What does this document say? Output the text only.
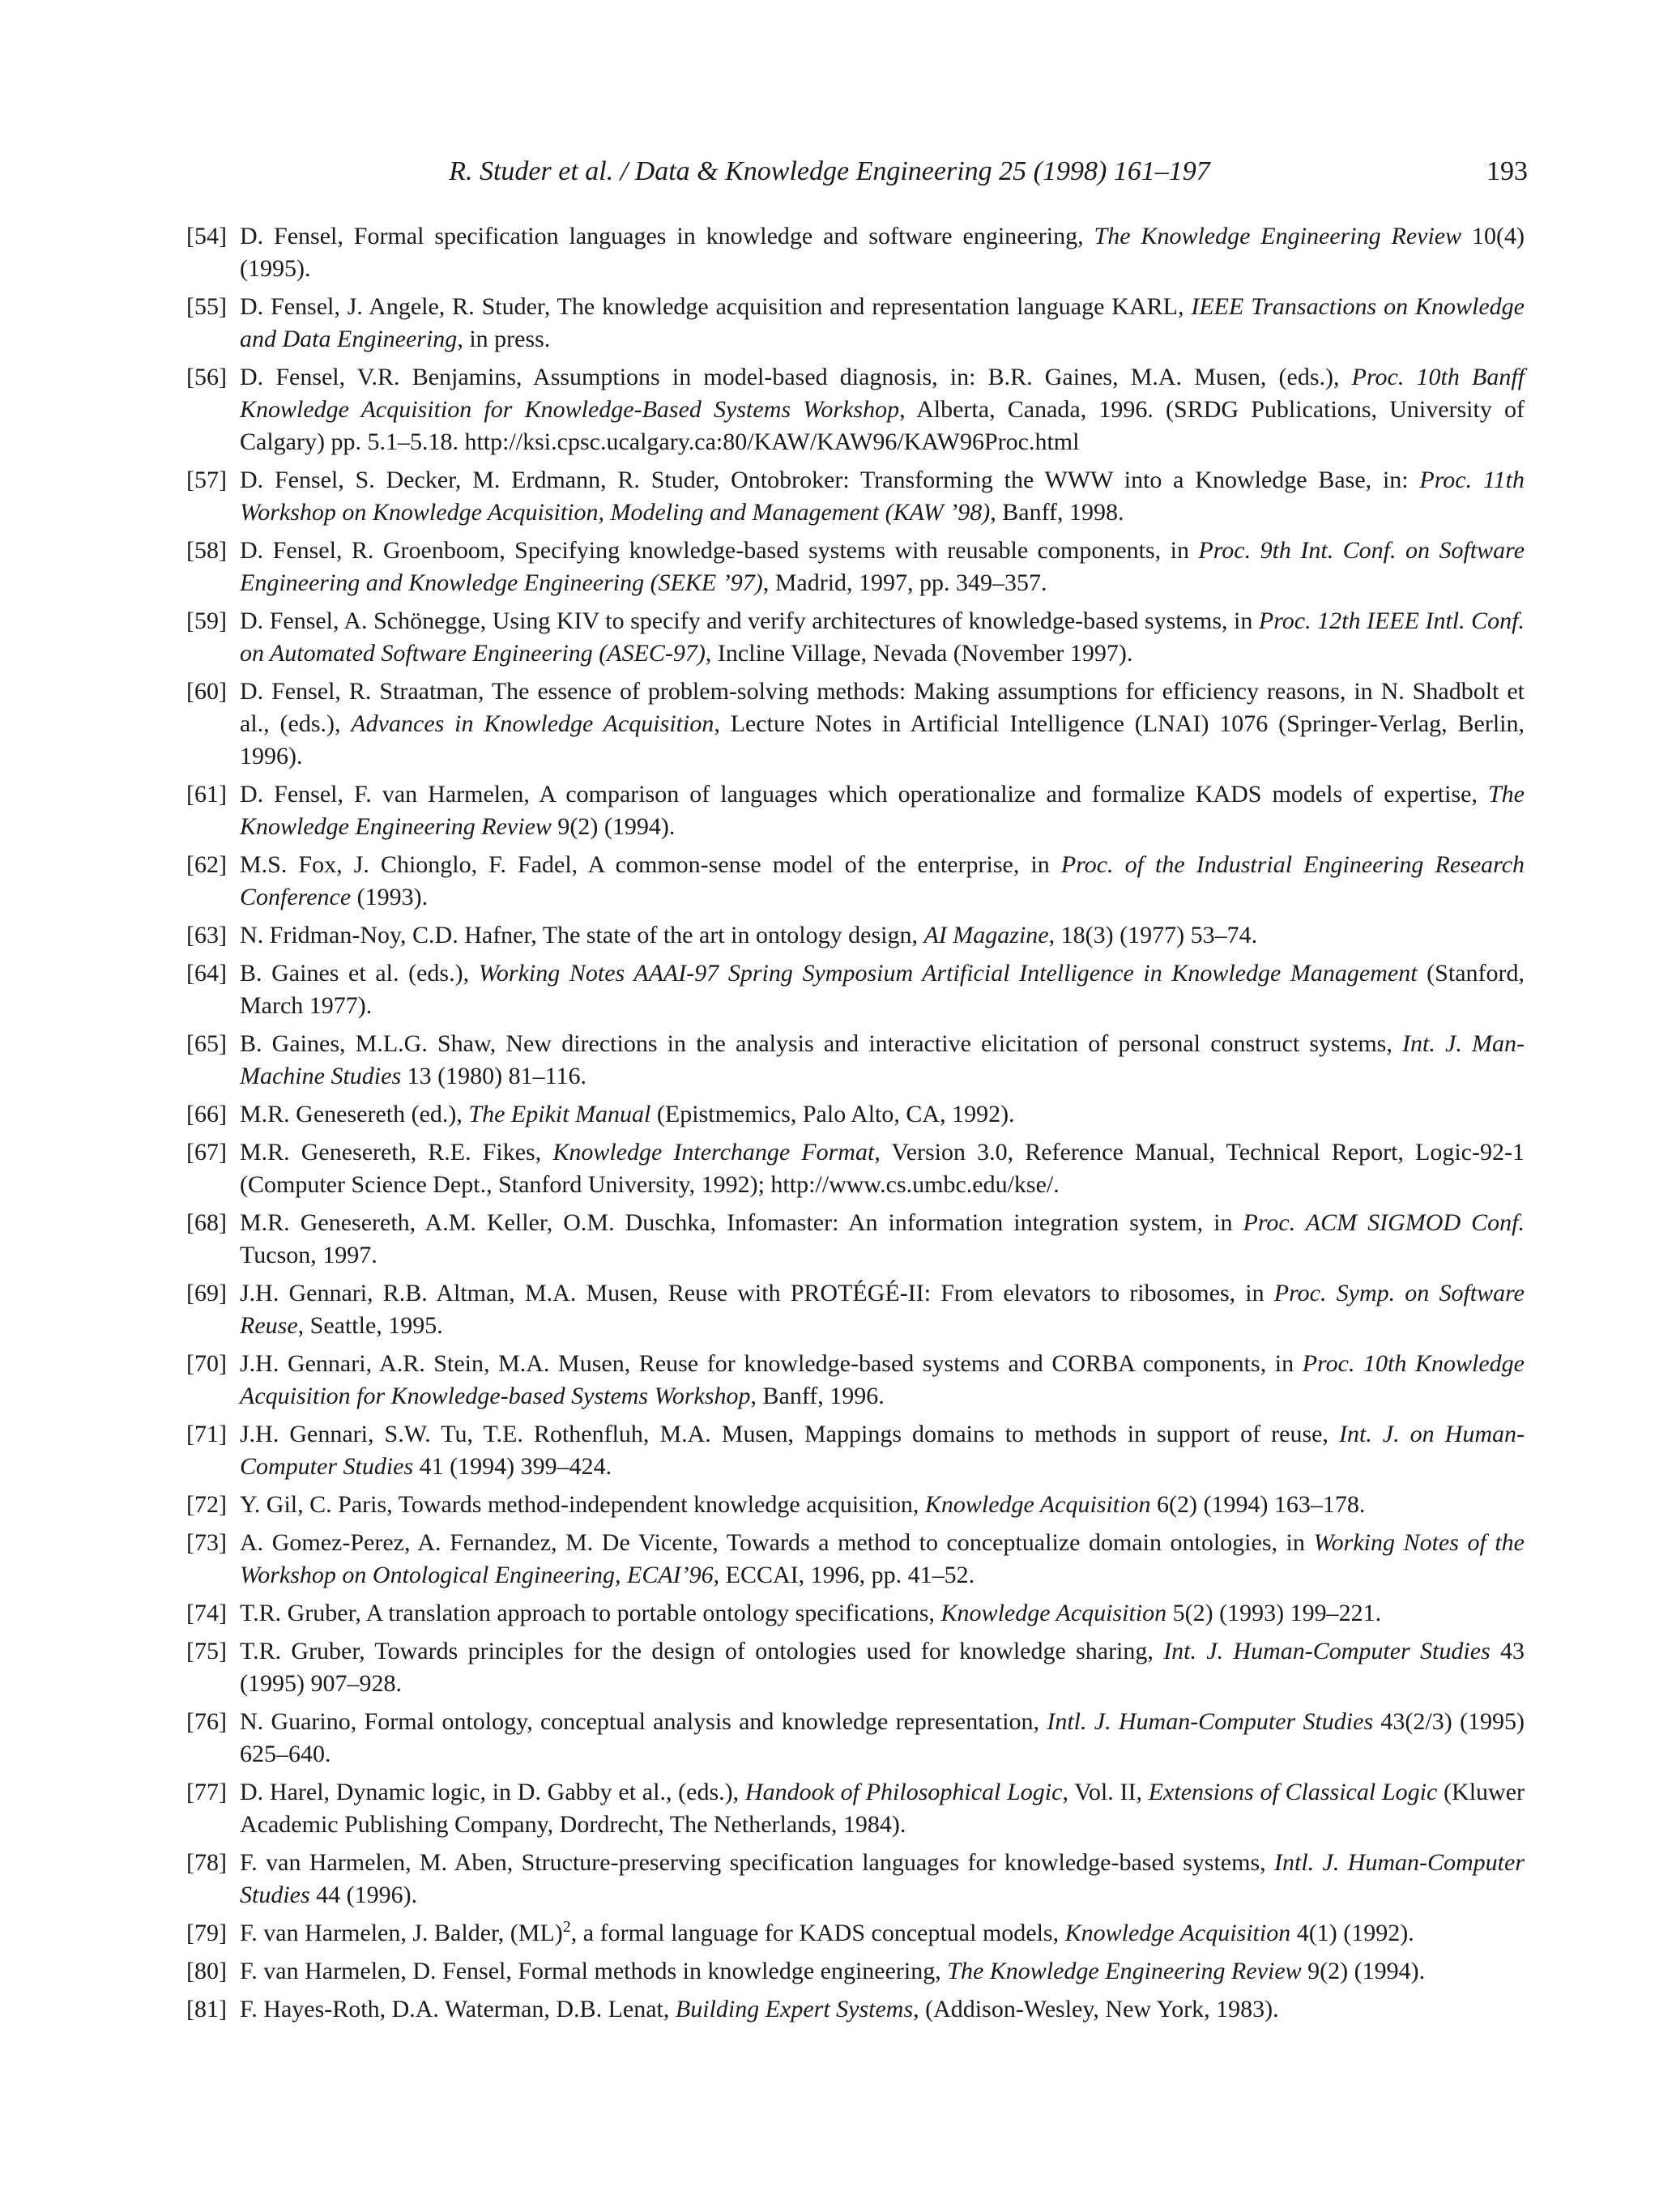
R. Studer et al. / Data & Knowledge Engineering 25 (1998) 161–197	193
[54] D. Fensel, Formal specification languages in knowledge and software engineering, The Knowledge Engineering Review 10(4) (1995).
[55] D. Fensel, J. Angele, R. Studer, The knowledge acquisition and representation language KARL, IEEE Transactions on Knowledge and Data Engineering, in press.
[56] D. Fensel, V.R. Benjamins, Assumptions in model-based diagnosis, in: B.R. Gaines, M.A. Musen, (eds.), Proc. 10th Banff Knowledge Acquisition for Knowledge-Based Systems Workshop, Alberta, Canada, 1996. (SRDG Publications, University of Calgary) pp. 5.1–5.18. http://ksi.cpsc.ucalgary.ca:80/KAW/KAW96/KAW96Proc.html
[57] D. Fensel, S. Decker, M. Erdmann, R. Studer, Ontobroker: Transforming the WWW into a Knowledge Base, in: Proc. 11th Workshop on Knowledge Acquisition, Modeling and Management (KAW ’98), Banff, 1998.
[58] D. Fensel, R. Groenboom, Specifying knowledge-based systems with reusable components, in Proc. 9th Int. Conf. on Software Engineering and Knowledge Engineering (SEKE ’97), Madrid, 1997, pp. 349–357.
[59] D. Fensel, A. Schönegge, Using KIV to specify and verify architectures of knowledge-based systems, in Proc. 12th IEEE Intl. Conf. on Automated Software Engineering (ASEC-97), Incline Village, Nevada (November 1997).
[60] D. Fensel, R. Straatman, The essence of problem-solving methods: Making assumptions for efficiency reasons, in N. Shadbolt et al., (eds.), Advances in Knowledge Acquisition, Lecture Notes in Artificial Intelligence (LNAI) 1076 (Springer-Verlag, Berlin, 1996).
[61] D. Fensel, F. van Harmelen, A comparison of languages which operationalize and formalize KADS models of expertise, The Knowledge Engineering Review 9(2) (1994).
[62] M.S. Fox, J. Chionglo, F. Fadel, A common-sense model of the enterprise, in Proc. of the Industrial Engineering Research Conference (1993).
[63] N. Fridman-Noy, C.D. Hafner, The state of the art in ontology design, AI Magazine, 18(3) (1977) 53–74.
[64] B. Gaines et al. (eds.), Working Notes AAAI-97 Spring Symposium Artificial Intelligence in Knowledge Management (Stanford, March 1977).
[65] B. Gaines, M.L.G. Shaw, New directions in the analysis and interactive elicitation of personal construct systems, Int. J. Man-Machine Studies 13 (1980) 81–116.
[66] M.R. Genesereth (ed.), The Epikit Manual (Epistmemics, Palo Alto, CA, 1992).
[67] M.R. Genesereth, R.E. Fikes, Knowledge Interchange Format, Version 3.0, Reference Manual, Technical Report, Logic-92-1 (Computer Science Dept., Stanford University, 1992); http://www.cs.umbc.edu/kse/.
[68] M.R. Genesereth, A.M. Keller, O.M. Duschka, Infomaster: An information integration system, in Proc. ACM SIGMOD Conf. Tucson, 1997.
[69] J.H. Gennari, R.B. Altman, M.A. Musen, Reuse with PROTÉGÉ-II: From elevators to ribosomes, in Proc. Symp. on Software Reuse, Seattle, 1995.
[70] J.H. Gennari, A.R. Stein, M.A. Musen, Reuse for knowledge-based systems and CORBA components, in Proc. 10th Knowledge Acquisition for Knowledge-based Systems Workshop, Banff, 1996.
[71] J.H. Gennari, S.W. Tu, T.E. Rothenfluh, M.A. Musen, Mappings domains to methods in support of reuse, Int. J. on Human-Computer Studies 41 (1994) 399–424.
[72] Y. Gil, C. Paris, Towards method-independent knowledge acquisition, Knowledge Acquisition 6(2) (1994) 163–178.
[73] A. Gomez-Perez, A. Fernandez, M. De Vicente, Towards a method to conceptualize domain ontologies, in Working Notes of the Workshop on Ontological Engineering, ECAI’96, ECCAI, 1996, pp. 41–52.
[74] T.R. Gruber, A translation approach to portable ontology specifications, Knowledge Acquisition 5(2) (1993) 199–221.
[75] T.R. Gruber, Towards principles for the design of ontologies used for knowledge sharing, Int. J. Human-Computer Studies 43 (1995) 907–928.
[76] N. Guarino, Formal ontology, conceptual analysis and knowledge representation, Intl. J. Human-Computer Studies 43(2/3) (1995) 625–640.
[77] D. Harel, Dynamic logic, in D. Gabby et al., (eds.), Handook of Philosophical Logic, Vol. II, Extensions of Classical Logic (Kluwer Academic Publishing Company, Dordrecht, The Netherlands, 1984).
[78] F. van Harmelen, M. Aben, Structure-preserving specification languages for knowledge-based systems, Intl. J. Human-Computer Studies 44 (1996).
[79] F. van Harmelen, J. Balder, (ML)$^2$, a formal language for KADS conceptual models, Knowledge Acquisition 4(1) (1992).
[80] F. van Harmelen, D. Fensel, Formal methods in knowledge engineering, The Knowledge Engineering Review 9(2) (1994).
[81] F. Hayes-Roth, D.A. Waterman, D.B. Lenat, Building Expert Systems, (Addison-Wesley, New York, 1983).
